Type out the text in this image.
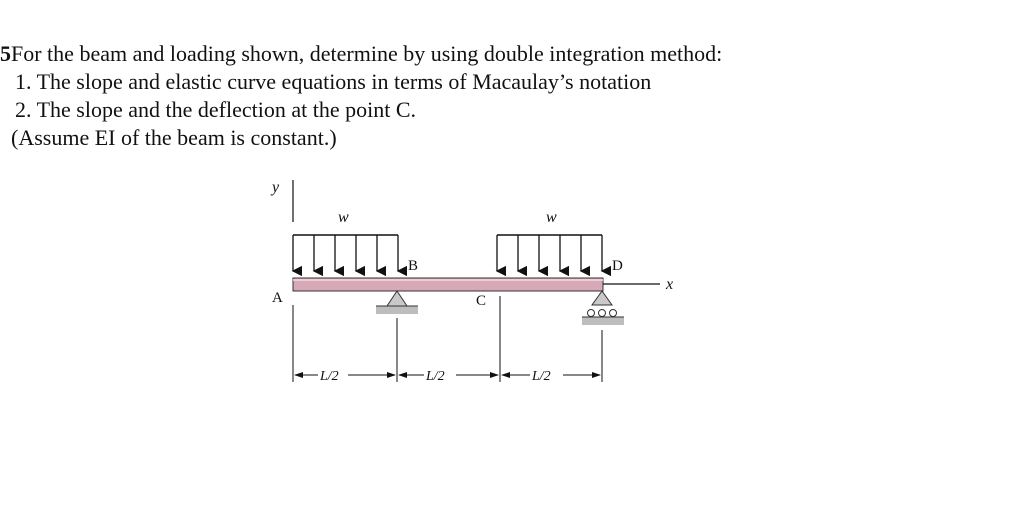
5For the beam and loading shown, determine by using double integration method:
1. The slope and elastic curve equations in terms of Macaulay’s notation
2. The slope and the deflection at the point C.
(Assume EI of the beam is constant.)
y
w	w
A
B
C
D
x
L/2	L/2	L/2
